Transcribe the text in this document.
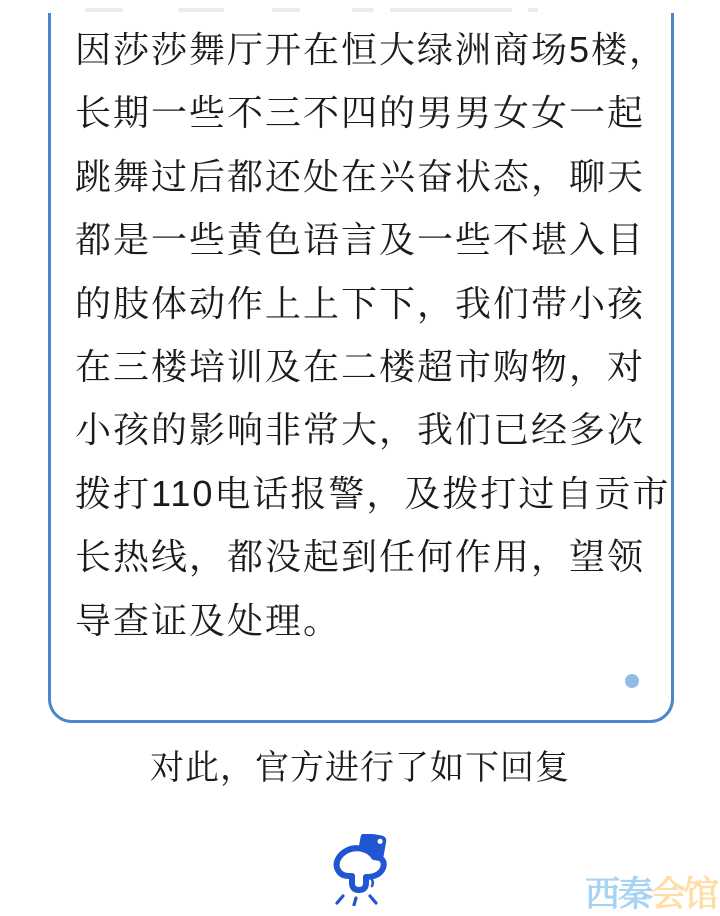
因莎莎舞厅开在恒大绿洲商场5楼，
长期一些不三不四的男男女女一起
跳舞过后都还处在兴奋状态，聊天
都是一些黄色语言及一些不堪入目
的肢体动作上上下下，我们带小孩
在三楼培训及在二楼超市购物，对
小孩的影响非常大，我们已经多次
拨打110电话报警，及拨打过自贡市
长热线，都没起到任何作用，望领
导查证及处理。
对此，官方进行了如下回复
西秦会馆
